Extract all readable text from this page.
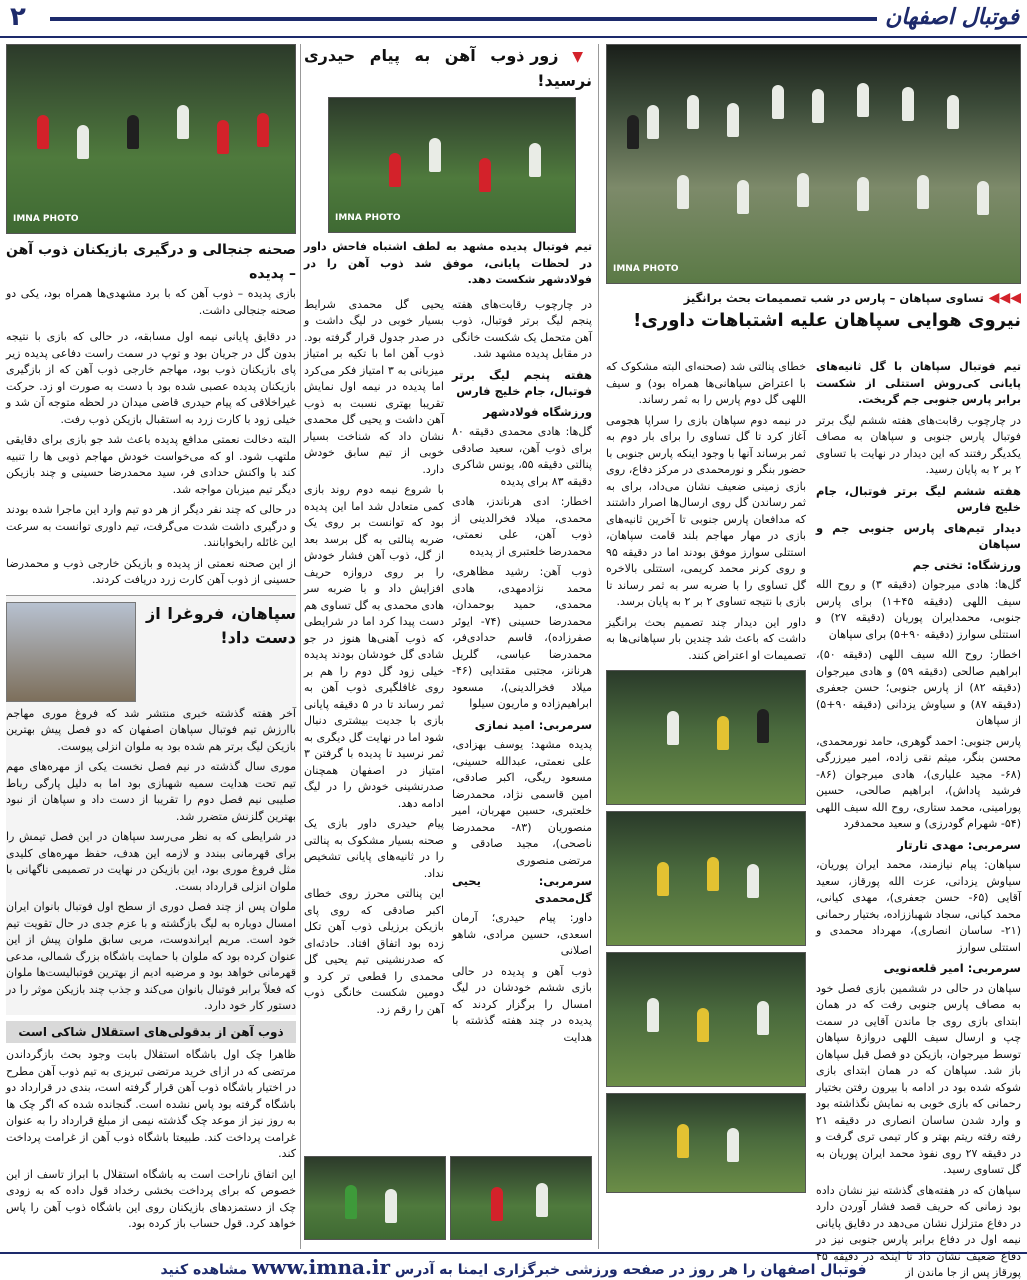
فوتبال اصفهان
۲
IMNA PHOTO
◀◀◀ تساوی سپاهان – پارس در شب تصمیمات بحث برانگیز
نیروی هوایی سپاهان علیه اشتباهات داوری!

تیم فوتبال سپاهان با گل ثانیه‌های پایانی کی‌روش استتلی از شکست برابر پارس جنوبی جم گریخت.

در چارچوب رقابت‌های هفته ششم لیگ برتر فوتبال پارس جنوبی و سپاهان به مصاف یکدیگر رفتند که این دیدار در نهایت با تساوی ۲ بر ۲ به پایان رسید.

هفته ششم لیگ برتر فوتبال، جام خلیج فارس

دیدار تیم‌های پارس جنوبی جم و سپاهان

ورزشگاه: تختی جم

گل‌ها: هادی میرجوان (دقیقه ۳) و روح الله سیف اللهی (دقیقه ۴۵+۱) برای پارس جنوبی، محمدایران پوریان (دقیقه ۲۷) و استتلی سوارز (دقیقه ۹۰+۵) برای سپاهان

اخطار: روح الله سیف اللهی (دقیقه ۵۰)، ابراهیم صالحی (دقیقه ۵۹) و هادی میرجوان (دقیقه ۸۲) از پارس جنوبی؛ حسن جعفری (دقیقه ۸۷) و سیاوش یزدانی (دقیقه ۹۰+۵) از سپاهان

پارس جنوبی: احمد گوهری، حامد نورمحمدی، محسن بنگر، میثم نقی زاده، امیر میرزرگی (۶۸- مجید علیاری)، هادی میرجوان (۸۶- فرشید پاداش)، ابراهیم صالحی، حسین پورامینی، محمد ستاری، روح الله سیف اللهی (۵۴- شهرام گودرزی) و سعید محمدفرد

سرمربی: مهدی تارتار

سپاهان: پیام نیازمند، محمد ایران پوریان، سیاوش یزدانی، عزت الله پورقاز، سعید آقایی (۶۵- حسن جعفری)، مهدی کیانی، محمد کیانی، سجاد شهباززاده، بختیار رحمانی (۲۱- ساسان انصاری)، مهرداد محمدی و استتلی سوارز

سرمربی: امیر قلعه‌نویی

سپاهان در حالی در ششمین بازی فصل خود به مصاف پارس جنوبی رفت که در همان ابتدای بازی روی جا ماندن آقایی در سمت چپ و ارسال سیف اللهی دروازهٔ سپاهان توسط میرجوان، بازیکن دو فصل قبل سپاهان باز شد. سپاهان که در همان ابتدای بازی شوکه شده بود در ادامه با بیرون رفتن بختیار رحمانی که بازی خوبی به نمایش نگذاشته بود و وارد شدن ساسان انصاری در دقیقه ۲۱ رفته رفته ریتم بهتر و کار تیمی تری گرفت و در دقیقه ۲۷ روی نفوذ محمد ایران پوریان به گل تساوی رسید.

سپاهان که در هفته‌های گذشته نیز نشان داده بود زمانی که حریف قصد فشار آوردن دارد در دفاع متزلزل نشان می‌دهد در دقایق پایانی نیمه اول در دفاع برابر پارس جنوبی نیز در دفاع ضعیف نشان داد تا اینکه در دقیقه ۴۵ پورقاز پس از جا ماندن از

خطای پنالتی شد (صحنه‌ای البته مشکوک که با اعتراض سپاهانی‌ها همراه بود) و سیف اللهی گل دوم پارس را به ثمر رساند.

در نیمه دوم سپاهان بازی را سراپا هجومی آغاز کرد تا گل تساوی را برای بار دوم به ثمر برساند آنها با وجود اینکه پارس جنوبی با حضور بنگر و نورمحمدی در مرکز دفاع، روی بازی زمینی ضعیف نشان می‌داد، برای به ثمر رساندن گل روی ارسال‌ها اصرار داشتند که مدافعان پارس جنوبی تا آخرین ثانیه‌های بازی در مهار مهاجم بلند قامت سپاهان، استتلی سوارز موفق بودند اما در دقیقه ۹۵ و روی کرنر محمد کریمی، استتلی بالاخره گل تساوی را با ضربه سر به ثمر رساند تا بازی با نتیجه تساوی ۲ بر ۲ به پایان برسد.

داور این دیدار چند تصمیم بحث برانگیز داشت که باعث شد چندین بار سپاهانی‌ها به تصمیمات او اعتراض کنند.

▼ زور ذوب آهن به پیام حیدری نرسید!
IMNA PHOTO

تیم فوتبال پدیده مشهد به لطف اشتباه فاحش داور در لحظات پایانی، موفق شد ذوب آهن را در فولادشهر شکست دهد.

در چارچوب رقابت‌های هفته پنجم لیگ برتر فوتبال، ذوب آهن متحمل یک شکست خانگی در مقابل پدیده مشهد شد.

هفته پنجم لیگ برتر فوتبال، جام خلیج فارس

ورزشگاه فولادشهر

گل‌ها: هادی محمدی دقیقه ۸۰ برای ذوب آهن، سعید صادقی پنالتی دقیقه ۵۵، یونس شاکری دقیقه ۸۳ برای پدیده

اخطار: ادی هرناندز، هادی محمدی، میلاد فخرالدینی از ذوب آهن، علی نعمتی، محمدرضا خلعتبری از پدیده

ذوب آهن: رشید مظاهری، محمد نژادمهدی، هادی محمدی، حمید بوحمدان، محمدرضا حسینی (۷۴- ایوئر صفرزاده)، قاسم حدادی‌فر، محمدرضا عباسی، گلریل هرنانز، مجتبی مقتدایی (۴۶- میلاد فخرالدینی)، مسعود ابراهیم‌زاده و ماریون سیلوا

سرمربی: امید نمازی

پدیده مشهد: یوسف بهزادی، علی نعمتی، عبدالله حسینی، مسعود ریگی، اکبر صادقی، امین قاسمی نژاد، محمدرضا خلعتبری، حسین مهربان، امیر منصوریان (۸۳- محمدرضا ناصحی)، مجید صادقی و مرتضی منصوری

سرمربی: یحیی گل‌محمدی

داور: پیام حیدری؛ آرمان اسعدی، حسین مرادی، شاهو اصلانی

ذوب آهن و پدیده در حالی بازی ششم خودشان در لیگ امسال را برگزار کردند که پدیده در چند هفته گذشته با هدایت

یحیی گل محمدی شرایط بسیار خوبی در لیگ داشت و در صدر جدول قرار گرفته بود. ذوب آهن اما با تکیه بر امتیاز میزبانی به ۳ امتیاز فکر می‌کرد اما پدیده در نیمه اول نمایش تقریبا بهتری نسبت به ذوب آهن داشت و یحیی گل محمدی نشان داد که شناخت بسیار خوبی از تیم سابق خودش دارد.

با شروع نیمه دوم روند بازی کمی متعادل شد اما این پدیده بود که توانست بر روی یک ضربه پنالتی به گل برسد بعد از گل، ذوب آهن فشار خودش را بر روی دروازه حریف افزایش داد و با ضربه سر هادی محمدی به گل تساوی هم دست پیدا کرد اما در شرایطی که ذوب آهنی‌ها هنوز در جو شادی گل خودشان بودند پدیده خیلی زود گل دوم را هم بر روی غافلگیری ذوب آهن به ثمر رساند تا در ۵ دقیقه پایانی بازی با جدیت بیشتری دنبال شود اما در نهایت گل دیگری به ثمر نرسید تا پدیده با گرفتن ۳ امتیاز در اصفهان همچنان صدرنشینی خودش را در لیگ ادامه دهد.

پیام حیدری داور بازی یک صحنه بسیار مشکوک به پنالتی را در ثانیه‌های پایانی تشخیص نداد.

این پنالتی محرز روی خطای اکبر صادقی که روی پای بازیکن برزیلی ذوب آهن تکل زده بود اتفاق افتاد. حادثه‌ای که صدرنشینی تیم یحیی گل محمدی را قطعی تر کرد و دومین شکست خانگی ذوب آهن را رقم زد.

IMNA PHOTO
صحنه جنجالی و درگیری بازیکنان ذوب آهن – پدیده

بازی پدیده – ذوب آهن که با برد مشهدی‌ها همراه بود، یکی دو صحنه جنجالی داشت.

در دقایق پایانی نیمه اول مسابقه، در حالی که بازی با نتیجه بدون گل در جریان بود و توپ در سمت راست دفاعی پدیده زیر پای بازیکنان ذوب بود، مهاجم خارجی ذوب آهن که از بازگیری بازیکنان پدیده عصبی شده بود با دست به صورت او زد. حرکت غیراخلاقی که پیام حیدری قاضی میدان در لحظه متوجه آن شد و خیلی زود با کارت زرد به استقبال بازیکن ذوب رفت.

البته دخالت نعمتی مدافع پدیده باعث شد جو بازی برای دقایقی ملتهب شود. او که می‌خواست خودش مهاجم ذوبی ها را تنبیه کند با واکنش حدادی فر، سید محمدرضا حسینی و چند بازیکن دیگر تیم میزبان مواجه شد.

در حالی که چند نفر دیگر از هر دو تیم وارد این ماجرا شده بودند و درگیری داشت شدت می‌گرفت، تیم داوری توانست به سرعت این غائله رابخوابانند.

از این صحنه نعمتی از پدیده و بازیکن خارجی ذوب و محمدرضا حسینی از ذوب آهن کارت زرد دریافت کردند.

سپاهان، فروغرا از دست داد!

آخر هفته گذشته خبری منتشر شد که فروغ موری مهاجم باارزش تیم فوتبال سپاهان اصفهان که دو فصل پیش بهترین بازیکن لیگ برتر هم شده بود به ملوان انزلی پیوست.

موری سال گذشته در نیم فصل نخست یکی از مهره‌های مهم تیم تحت هدایت سمیه شهبازی بود اما به دلیل پارگی رباط صلیبی نیم فصل دوم را تقریبا از دست داد و سپاهان از نبود بهترین گلزنش متضرر شد.

در شرایطی که به نظر می‌رسد سپاهان در این فصل تیمش را برای قهرمانی ببندد و لازمه این هدف، حفظ مهره‌های کلیدی مثل فروغ موری بود، این بازیکن در نهایت در تصمیمی ناگهانی با ملوان انزلی قرارداد بست.

ملوان پس از چند فصل دوری از سطح اول فوتبال بانوان ایران امسال دوباره به لیگ بازگشته و با عزم جدی در حال تقویت تیم خود است. مریم ایراندوست، مربی سابق ملوان پیش از این عنوان کرده بود که ملوان با حمایت باشگاه بزرگ شمالی، مدعی قهرمانی خواهد بود و مرضیه ادیم از بهترین فوتبالیست‌ها ملوان که فعلاً برابر فوتبال بانوان می‌کند و جذب چند بازیکن موثر را در دستور کار خود دارد.

ذوب آهن از بدقولی‌های استقلال شاکی است

ظاهرا چک اول باشگاه استقلال بابت وجود بحث بازگرداندن مرتضی که در ازای خرید مرتضی تبریزی به تیم ذوب آهن مطرح در اختیار باشگاه ذوب آهن قرار گرفته است، بندی در قرارداد دو باشگاه گرفته بود پاس نشده است. گنجانده شده که اگر چک ها به روز نیز از موعد چک گذشته نیمی از مبلغ قرارداد را به عنوان غرامت پرداخت کند. طبیعتا باشگاه ذوب آهن از غرامت پرداخت کند.

این اتفاق ناراحت است به باشگاه استقلال با ابراز تاسف از این خصوص که برای پرداخت بخشی رخداد قول داده که به زودی چک از دستمزدهای بازیکنان روی این باشگاه ذوب آهن را پاس خواهد کرد. قول حساب باز کرده بود.

فوتبال اصفهان را هر روز در صفحه ورزشی خبرگزاری ایمنا به آدرس www.imna.ir مشاهده کنید
